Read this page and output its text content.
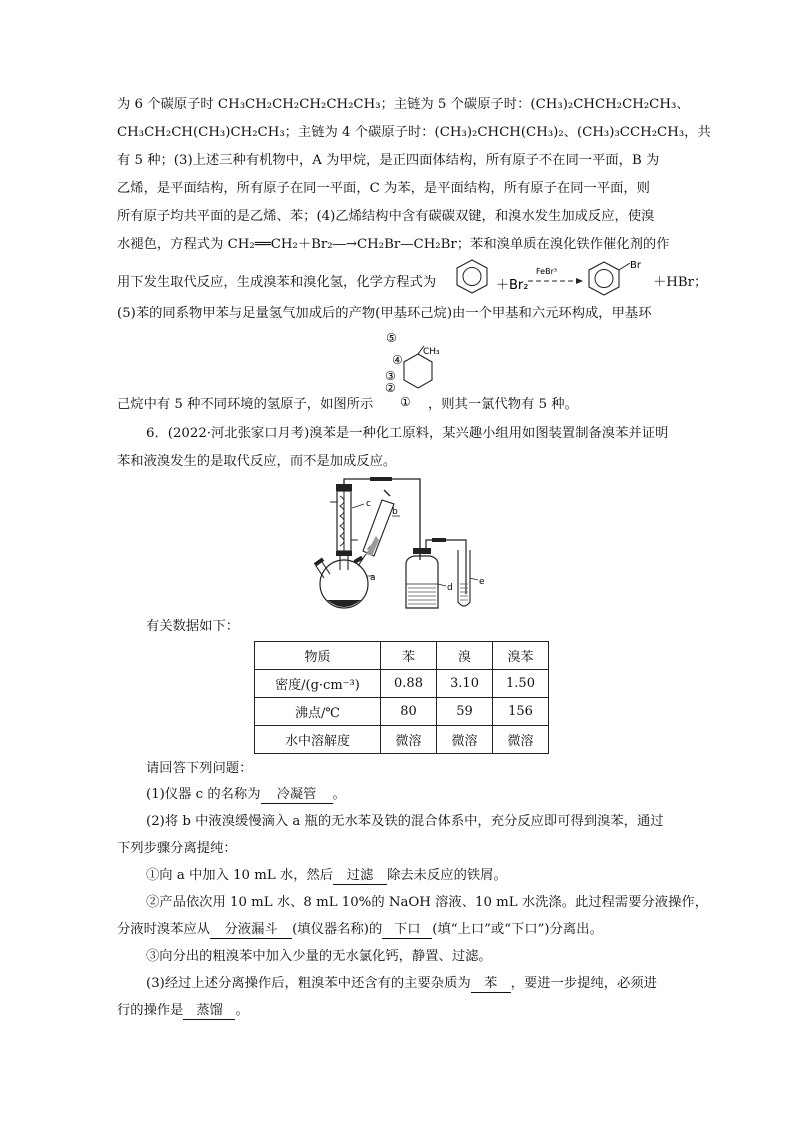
为 6 个碳原子时 CH₃CH₂CH₂CH₂CH₂CH₃；主链为 5 个碳原子时：(CH₃)₂CHCH₂CH₂CH₃、
CH₃CH₂CH(CH₃)CH₂CH₃；主链为 4 个碳原子时：(CH₃)₂CHCH(CH₃)₂、(CH₃)₃CCH₂CH₃，共
有 5 种；(3)上述三种有机物中，A 为甲烷，是正四面体结构，所有原子不在同一平面，B 为
乙烯，是平面结构，所有原子在同一平面，C 为苯，是平面结构，所有原子在同一平面，则
所有原子均共平面的是乙烯、苯；(4)乙烯结构中含有碳碳双键，和溴水发生加成反应，使溴
水褪色，方程式为 CH₂══CH₂＋Br₂―→CH₂Br—CH₂Br；苯和溴单质在溴化铁作催化剂的作
用下发生取代反应，生成溴苯和溴化氢，化学方程式为	＋Br₂
FeBr³
Br
＋HBr；
(5)苯的同系物甲苯与足量氢气加成后的产物(甲基环己烷)由一个甲基和六元环构成，甲基环
CH₃
⑤
④
③
②
①
己烷中有 5 种不同环境的氢原子，如图所示	，则其一氯代物有 5 种。
6．(2022·河北张家口月考)溴苯是一种化工原料，某兴趣小组用如图装置制备溴苯并证明
苯和液溴发生的是取代反应，而不是加成反应。
c
b
a
d
e
有关数据如下：
物质	苯	溴	溴苯
密度/(g·cm⁻³)	0.88	3.10	1.50
沸点/℃	80	59	156
水中溶解度	微溶	微溶	微溶
请回答下列问题：
(1)仪器 c 的名称为 冷凝管 。
(2)将 b 中液溴缓慢滴入 a 瓶的无水苯及铁的混合体系中，充分反应即可得到溴苯，通过
下列步骤分离提纯：
①向 a 中加入 10 mL 水，然后 过滤 除去未反应的铁屑。
②产品依次用 10 mL 水、8 mL 10%的 NaOH 溶液、10 mL 水洗涤。此过程需要分液操作，
分液时溴苯应从 分液漏斗 (填仪器名称)的 下口 (填“上口”或“下口”)分离出。
③向分出的粗溴苯中加入少量的无水氯化钙，静置、过滤。
(3)经过上述分离操作后，粗溴苯中还含有的主要杂质为 苯 ，要进一步提纯，必须进
行的操作是 蒸馏 。
